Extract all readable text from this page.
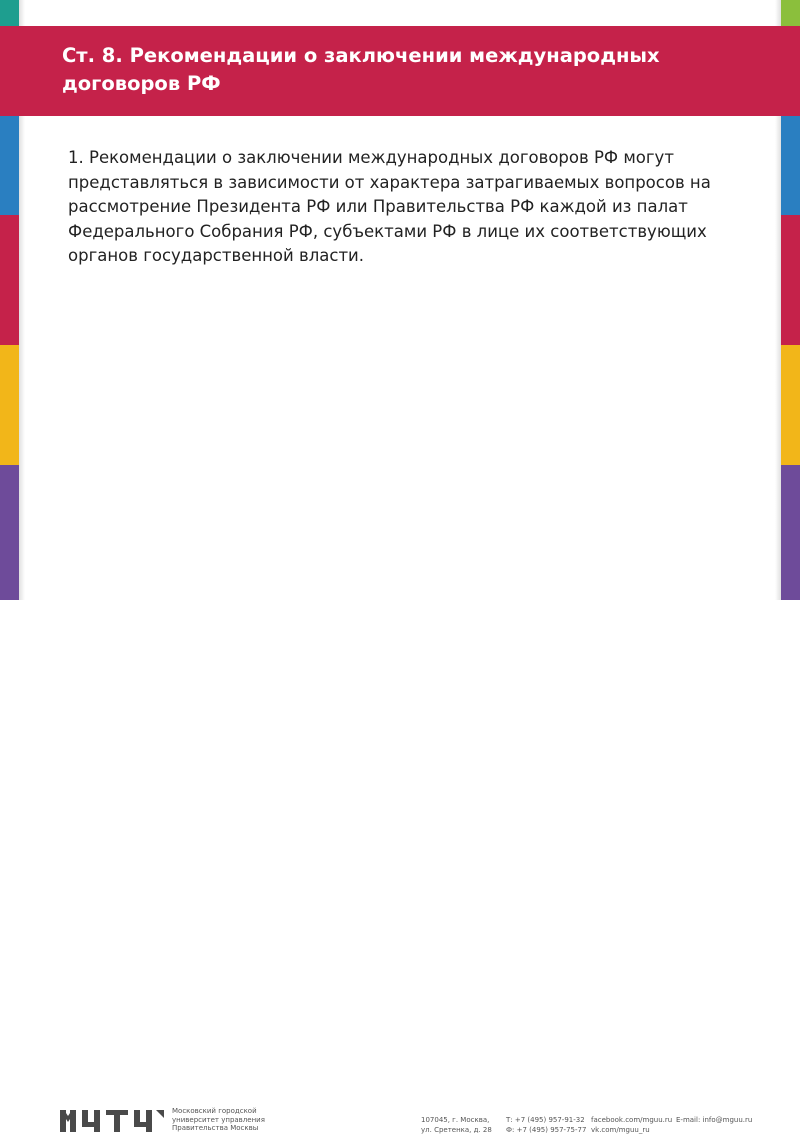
Ст. 8. Рекомендации о заключении международных
договоров РФ

1. Рекомендации о заключении международных договоров РФ могут представляться в зависимости от характера затрагиваемых вопросов на рассмотрение Президента РФ или Правительства РФ каждой из палат Федерального Собрания РФ, субъектами РФ в лице их соответствующих органов государственной власти.

Московский городской
университет управления
Правительства Москвы
107045, г. Москва,
ул. Сретенка, д. 28
Т: +7 (495) 957-91-32
Ф: +7 (495) 957-75-77
facebook.com/mguu.ru
vk.com/mguu_ru
E-mail: info@mguu.ru
